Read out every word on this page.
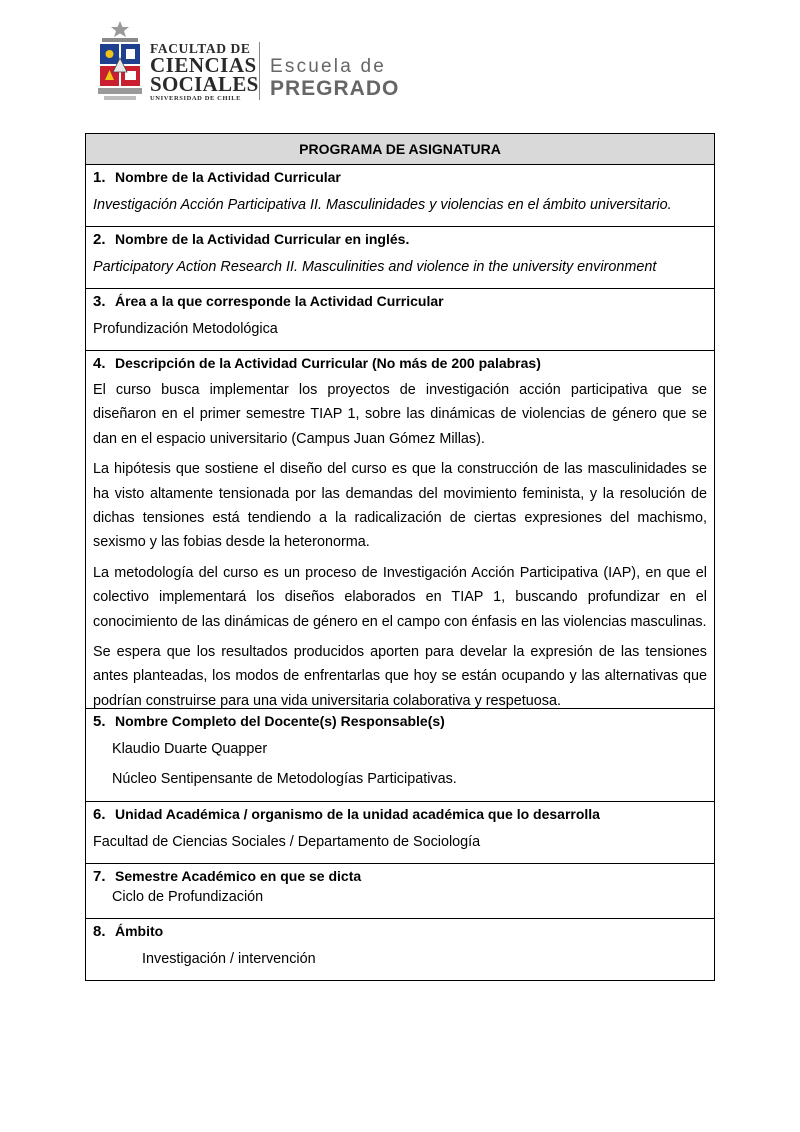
FACULTAD DE
CIENCIAS
SOCIALES
UNIVERSIDAD DE CHILE
Escuela de
PREGRADO
PROGRAMA DE ASIGNATURA
1. Nombre de la Actividad Curricular

Investigación Acción Participativa II. Masculinidades y violencias en el ámbito universitario.

2. Nombre de la Actividad Curricular en inglés.

Participatory Action Research II. Masculinities and violence in the university environment

3. Área a la que corresponde la Actividad Curricular

Profundización Metodológica

4. Descripción de la Actividad Curricular (No más de 200 palabras)

El curso busca implementar los proyectos de investigación acción participativa que se diseñaron en el primer semestre TIAP 1, sobre las dinámicas de violencias de género que se dan en el espacio universitario (Campus Juan Gómez Millas).

La hipótesis que sostiene el diseño del curso es que la construcción de las masculinidades se ha visto altamente tensionada por las demandas del movimiento feminista, y la resolución de dichas tensiones está tendiendo a la radicalización de ciertas expresiones del machismo, sexismo y las fobias desde la heteronorma.

La metodología del curso es un proceso de Investigación Acción Participativa (IAP), en que el colectivo implementará los diseños elaborados en TIAP 1, buscando profundizar en el conocimiento de las dinámicas de género en el campo con énfasis en las violencias masculinas.

Se espera que los resultados producidos aporten para develar la expresión de las tensiones antes planteadas, los modos de enfrentarlas que hoy se están ocupando y las alternativas que podrían construirse para una vida universitaria colaborativa y respetuosa.

5. Nombre Completo del Docente(s) Responsable(s)

Klaudio Duarte Quapper

Núcleo Sentipensante de Metodologías Participativas.

6. Unidad Académica / organismo de la unidad académica que lo desarrolla

Facultad de Ciencias Sociales / Departamento de Sociología

7. Semestre Académico en que se dicta

Ciclo de Profundización

8. Ámbito

Investigación / intervención
